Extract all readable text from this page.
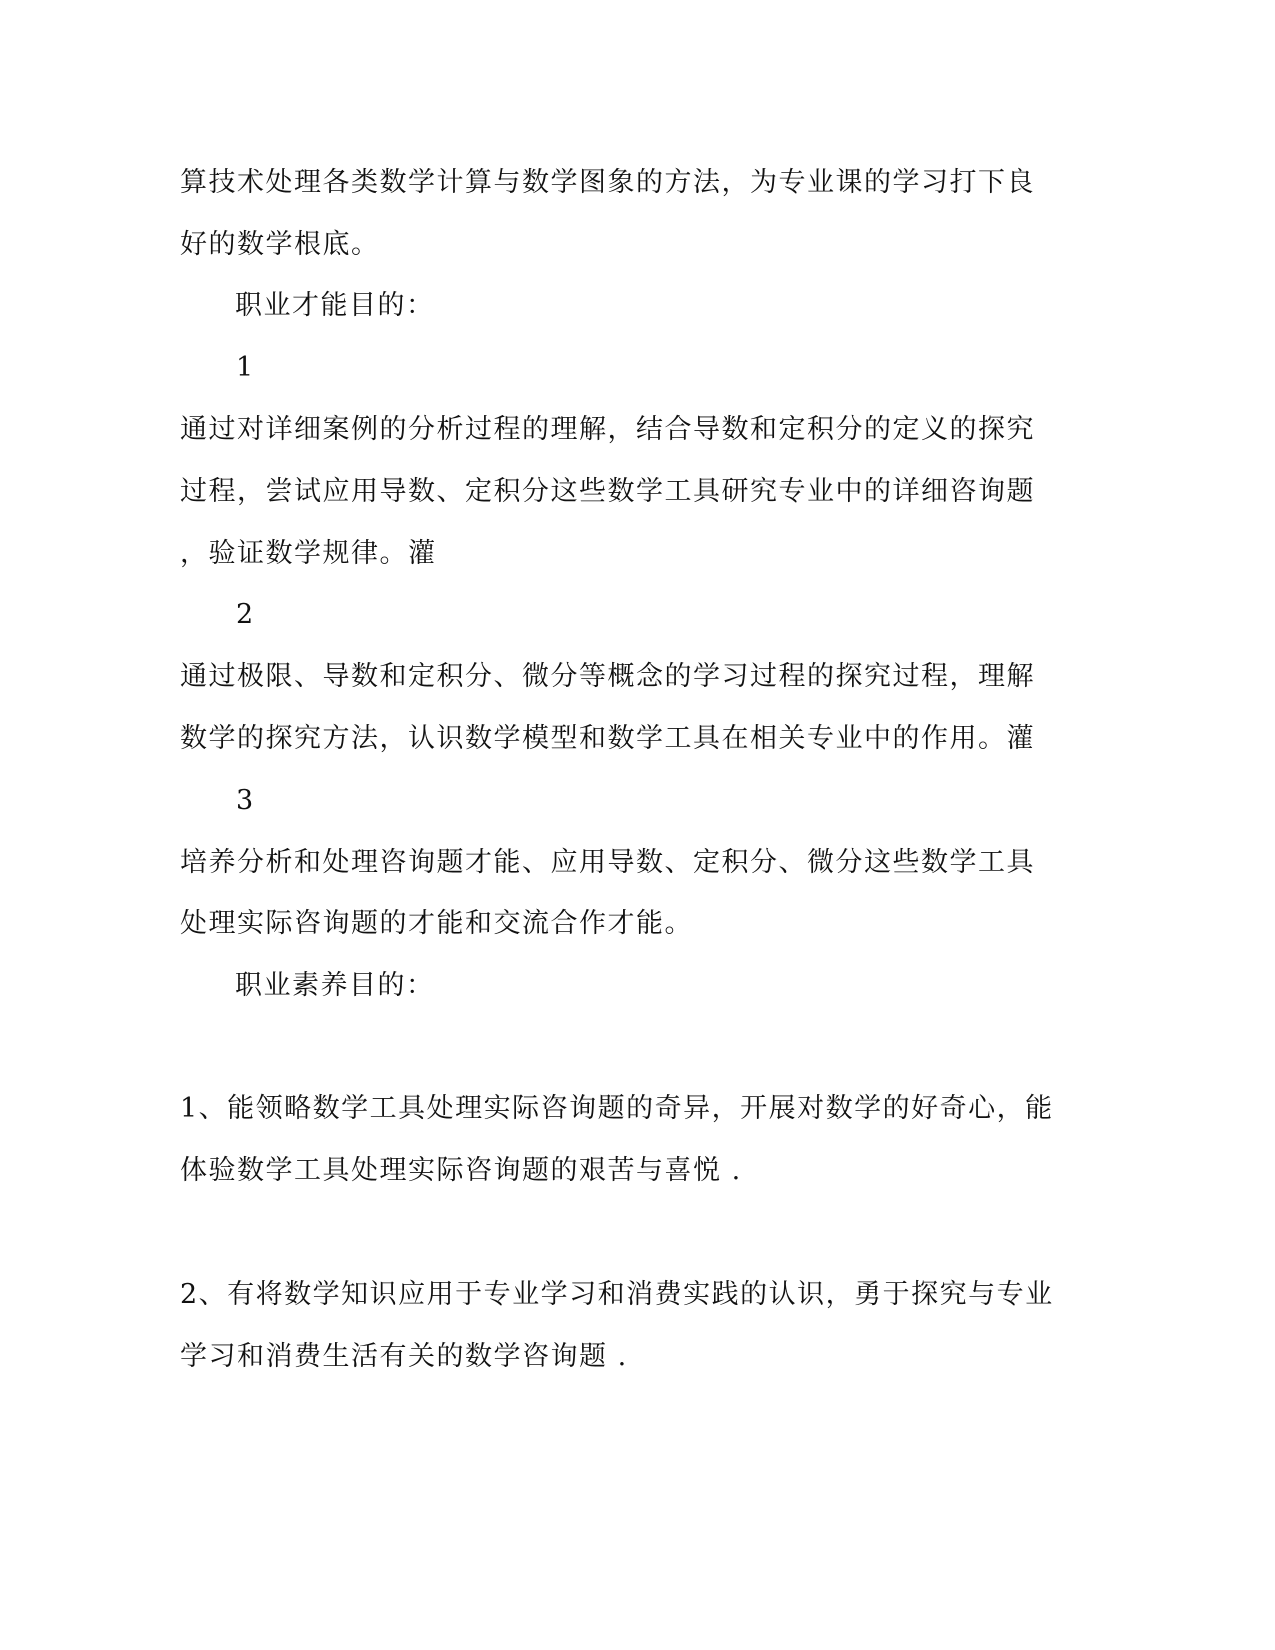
算技术处理各类数学计算与数学图象的方法，为专业课的学习打下良
好的数学根底。
职业才能目的：
1
通过对详细案例的分析过程的理解，结合导数和定积分的定义的探究
过程，尝试应用导数、定积分这些数学工具研究专业中的详细咨询题
，验证数学规律。灌
2
通过极限、导数和定积分、微分等概念的学习过程的探究过程，理解
数学的探究方法，认识数学模型和数学工具在相关专业中的作用。灌
3
培养分析和处理咨询题才能、应用导数、定积分、微分这些数学工具
处理实际咨询题的才能和交流合作才能。
职业素养目的：
1、能领略数学工具处理实际咨询题的奇异，开展对数学的好奇心，能
体验数学工具处理实际咨询题的艰苦与喜悦 .
2、有将数学知识应用于专业学习和消费实践的认识，勇于探究与专业
学习和消费生活有关的数学咨询题 .
